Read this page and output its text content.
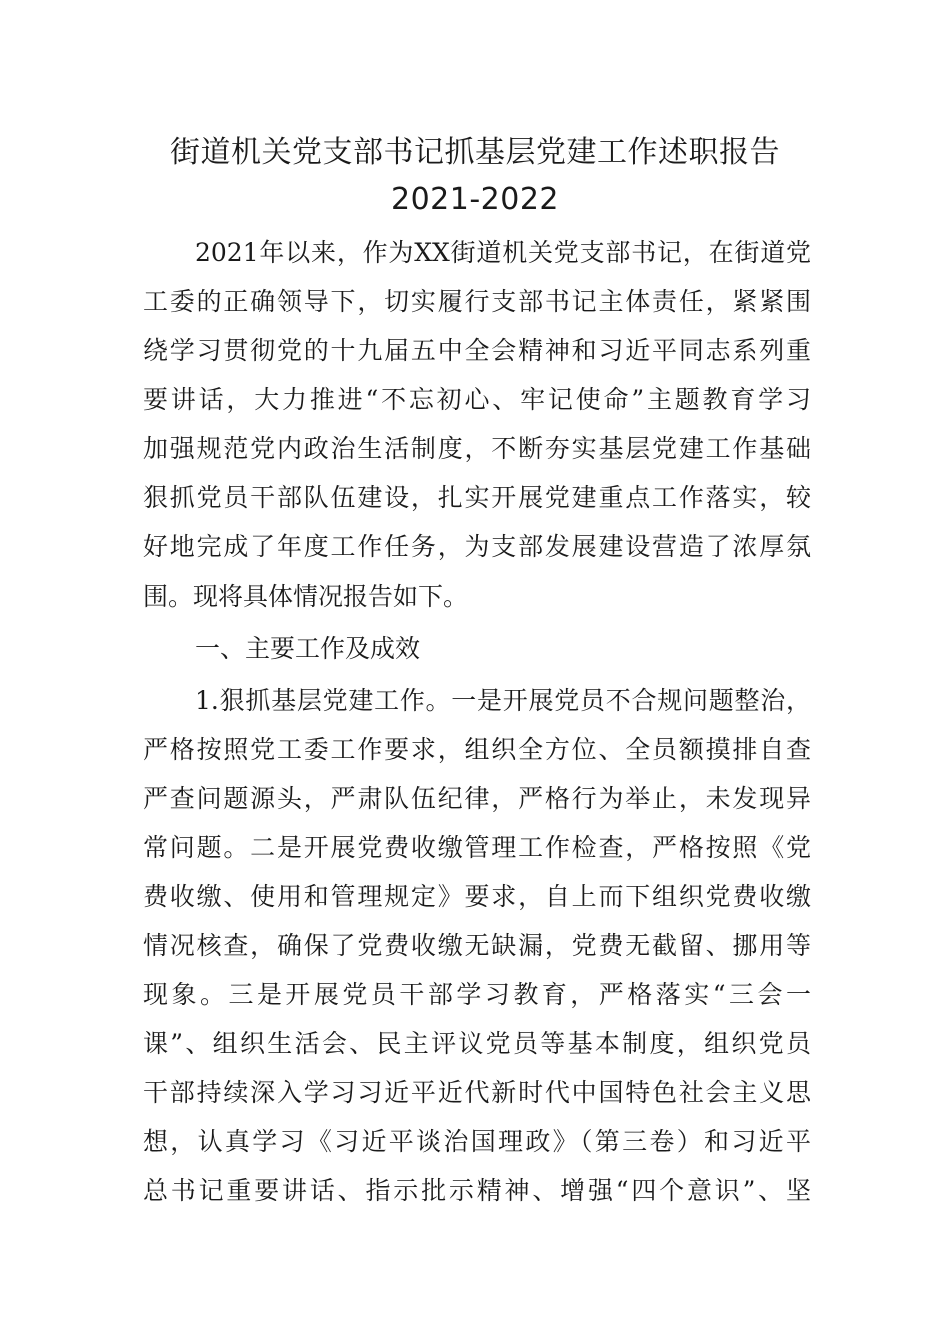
街道机关党支部书记抓基层党建工作述职报告
2021-2022
2021年以来，作为XX街道机关党支部书记，在街道党
工委的正确领导下，切实履行支部书记主体责任，紧紧围
绕学习贯彻党的十九届五中全会精神和习近平同志系列重
要讲话，大力推进“不忘初心、牢记使命”主题教育学习
加强规范党内政治生活制度，不断夯实基层党建工作基础
狠抓党员干部队伍建设，扎实开展党建重点工作落实，较
好地完成了年度工作任务，为支部发展建设营造了浓厚氛
围。现将具体情况报告如下。
一、主要工作及成效
1.狠抓基层党建工作。一是开展党员不合规问题整治，
严格按照党工委工作要求，组织全方位、全员额摸排自查
严查问题源头，严肃队伍纪律，严格行为举止，未发现异
常问题。二是开展党费收缴管理工作检查，严格按照《党
费收缴、使用和管理规定》要求，自上而下组织党费收缴
情况核查，确保了党费收缴无缺漏，党费无截留、挪用等
现象。三是开展党员干部学习教育，严格落实“三会一
课”、组织生活会、民主评议党员等基本制度，组织党员
干部持续深入学习习近平近代新时代中国特色社会主义思
想，认真学习《习近平谈治国理政》（第三卷）和习近平
总书记重要讲话、指示批示精神、增强“四个意识”、坚
